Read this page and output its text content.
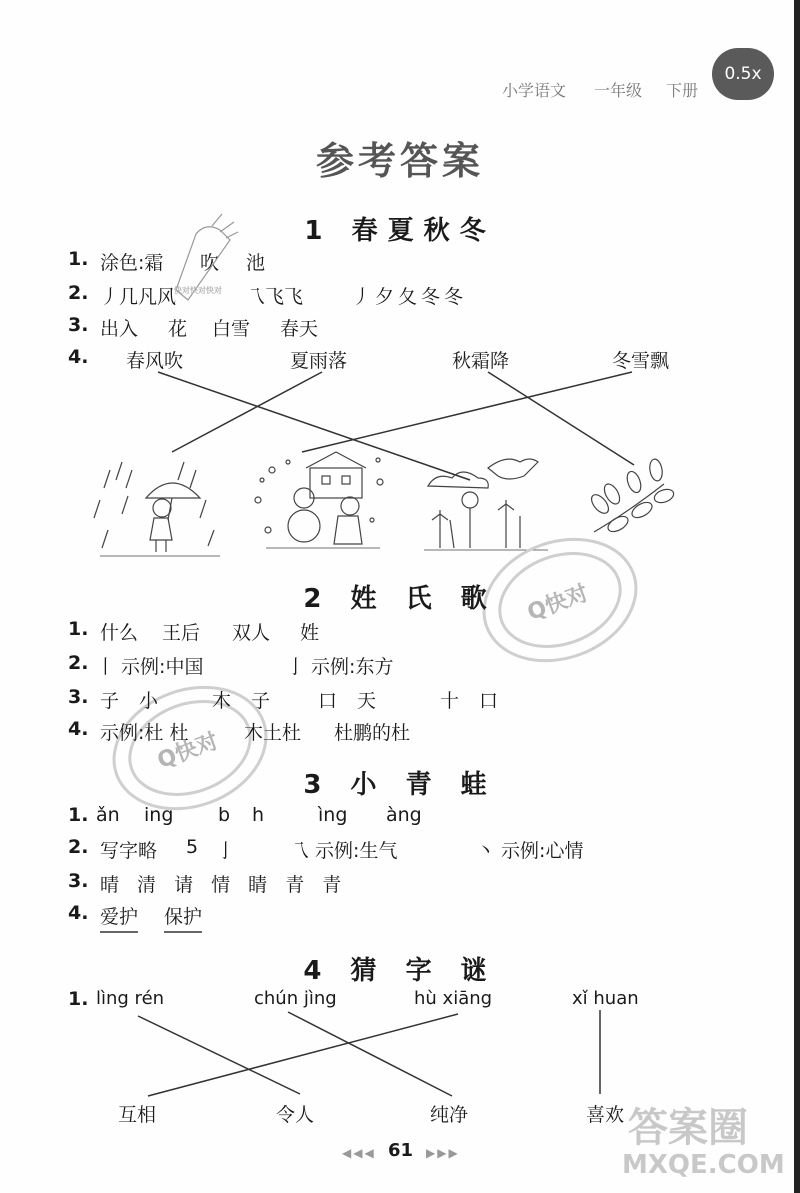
小学语文 一年级 下册
0.5x
参考答案
1 春夏秋冬
1. 涂色:霜 吹 池
2. 丿几凡风	乁飞飞	丿夕夂冬冬
3. 出入 花 白雪 春天
4. 春风吹	夏雨落	秋霜降	冬雪飘
快对快对快对
Q快对
Q快对
2 姓 氏 歌
1. 什么 王后 双人 姓
2. 丨 示例:中国	亅 示例:东方
3. 子 小	木 子	口 天	十 口
4. 示例:杜 杜	木土杜 杜鹏的杜
3 小 青 蛙
1. ǎn ing b h	ìng àng
2. 写字略 5 亅	乁 示例:生气	丶 示例:心情
3. 晴 清 请 情 睛 青 青
4. 爱护 保护
4 猜 字 谜
1. lìng rén	chún jìng	hù xiāng	xǐ huan
互相	令人	纯净	喜欢
◀◀◀ 61 ▶▶▶
答案圈
MXQE.COM
